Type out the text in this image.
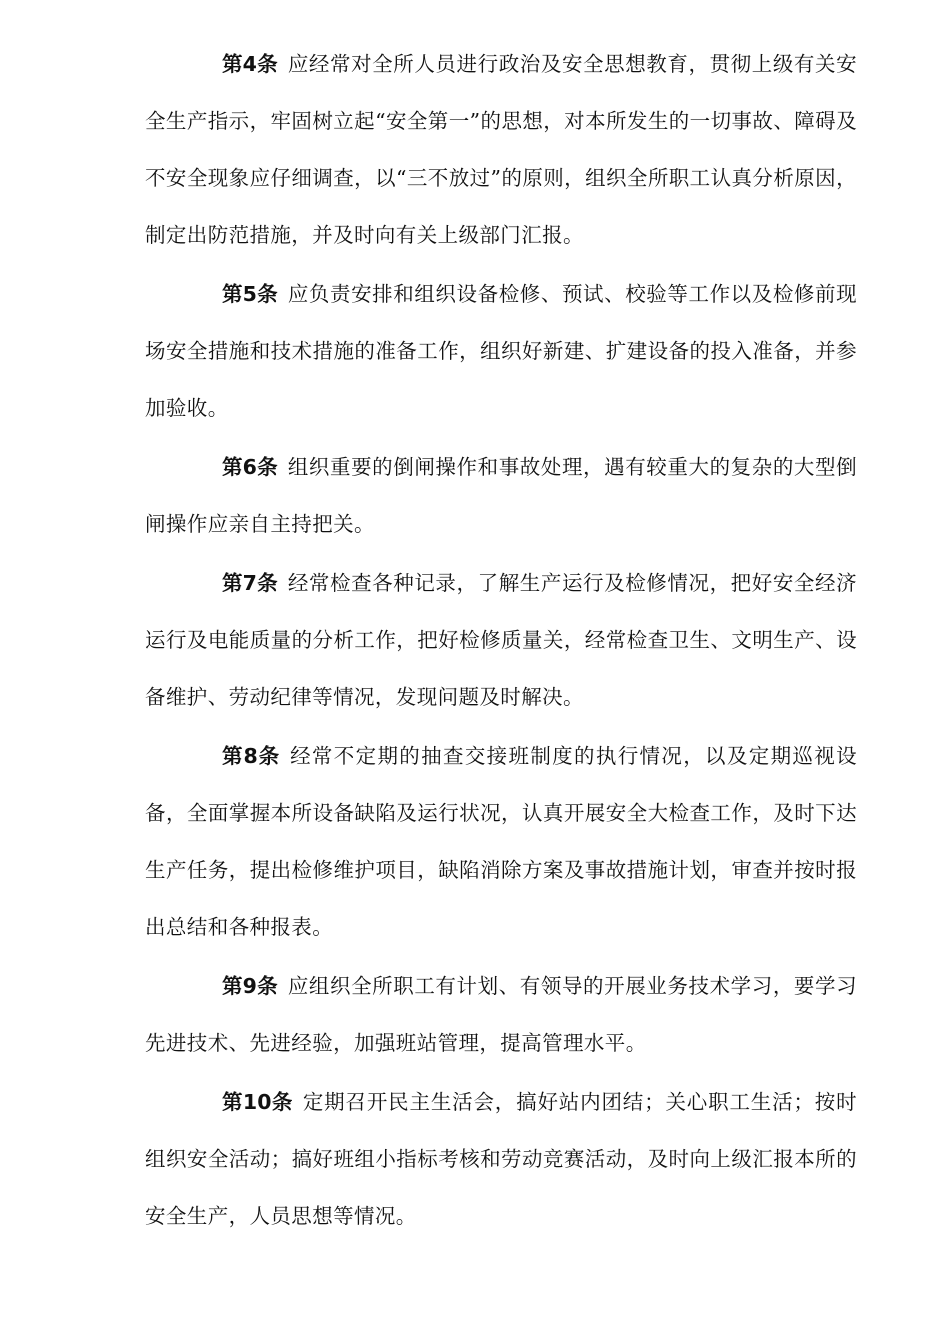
第4条 应经常对全所人员进行政治及安全思想教育，贯彻上级有关安全生产指示，牢固树立起“安全第一”的思想，对本所发生的一切事故、障碍及不安全现象应仔细调查，以“三不放过”的原则，组织全所职工认真分析原因，制定出防范措施，并及时向有关上级部门汇报。

第5条 应负责安排和组织设备检修、预试、校验等工作以及检修前现场安全措施和技术措施的准备工作，组织好新建、扩建设备的投入准备，并参加验收。

第6条 组织重要的倒闸操作和事故处理，遇有较重大的复杂的大型倒闸操作应亲自主持把关。

第7条 经常检查各种记录，了解生产运行及检修情况，把好安全经济运行及电能质量的分析工作，把好检修质量关，经常检查卫生、文明生产、设备维护、劳动纪律等情况，发现问题及时解决。

第8条 经常不定期的抽查交接班制度的执行情况，以及定期巡视设备，全面掌握本所设备缺陷及运行状况，认真开展安全大检查工作，及时下达生产任务，提出检修维护项目，缺陷消除方案及事故措施计划，审查并按时报出总结和各种报表。

第9条 应组织全所职工有计划、有领导的开展业务技术学习，要学习先进技术、先进经验，加强班站管理，提高管理水平。

第10条 定期召开民主生活会，搞好站内团结；关心职工生活；按时组织安全活动；搞好班组小指标考核和劳动竞赛活动，及时向上级汇报本所的安全生产，人员思想等情况。
